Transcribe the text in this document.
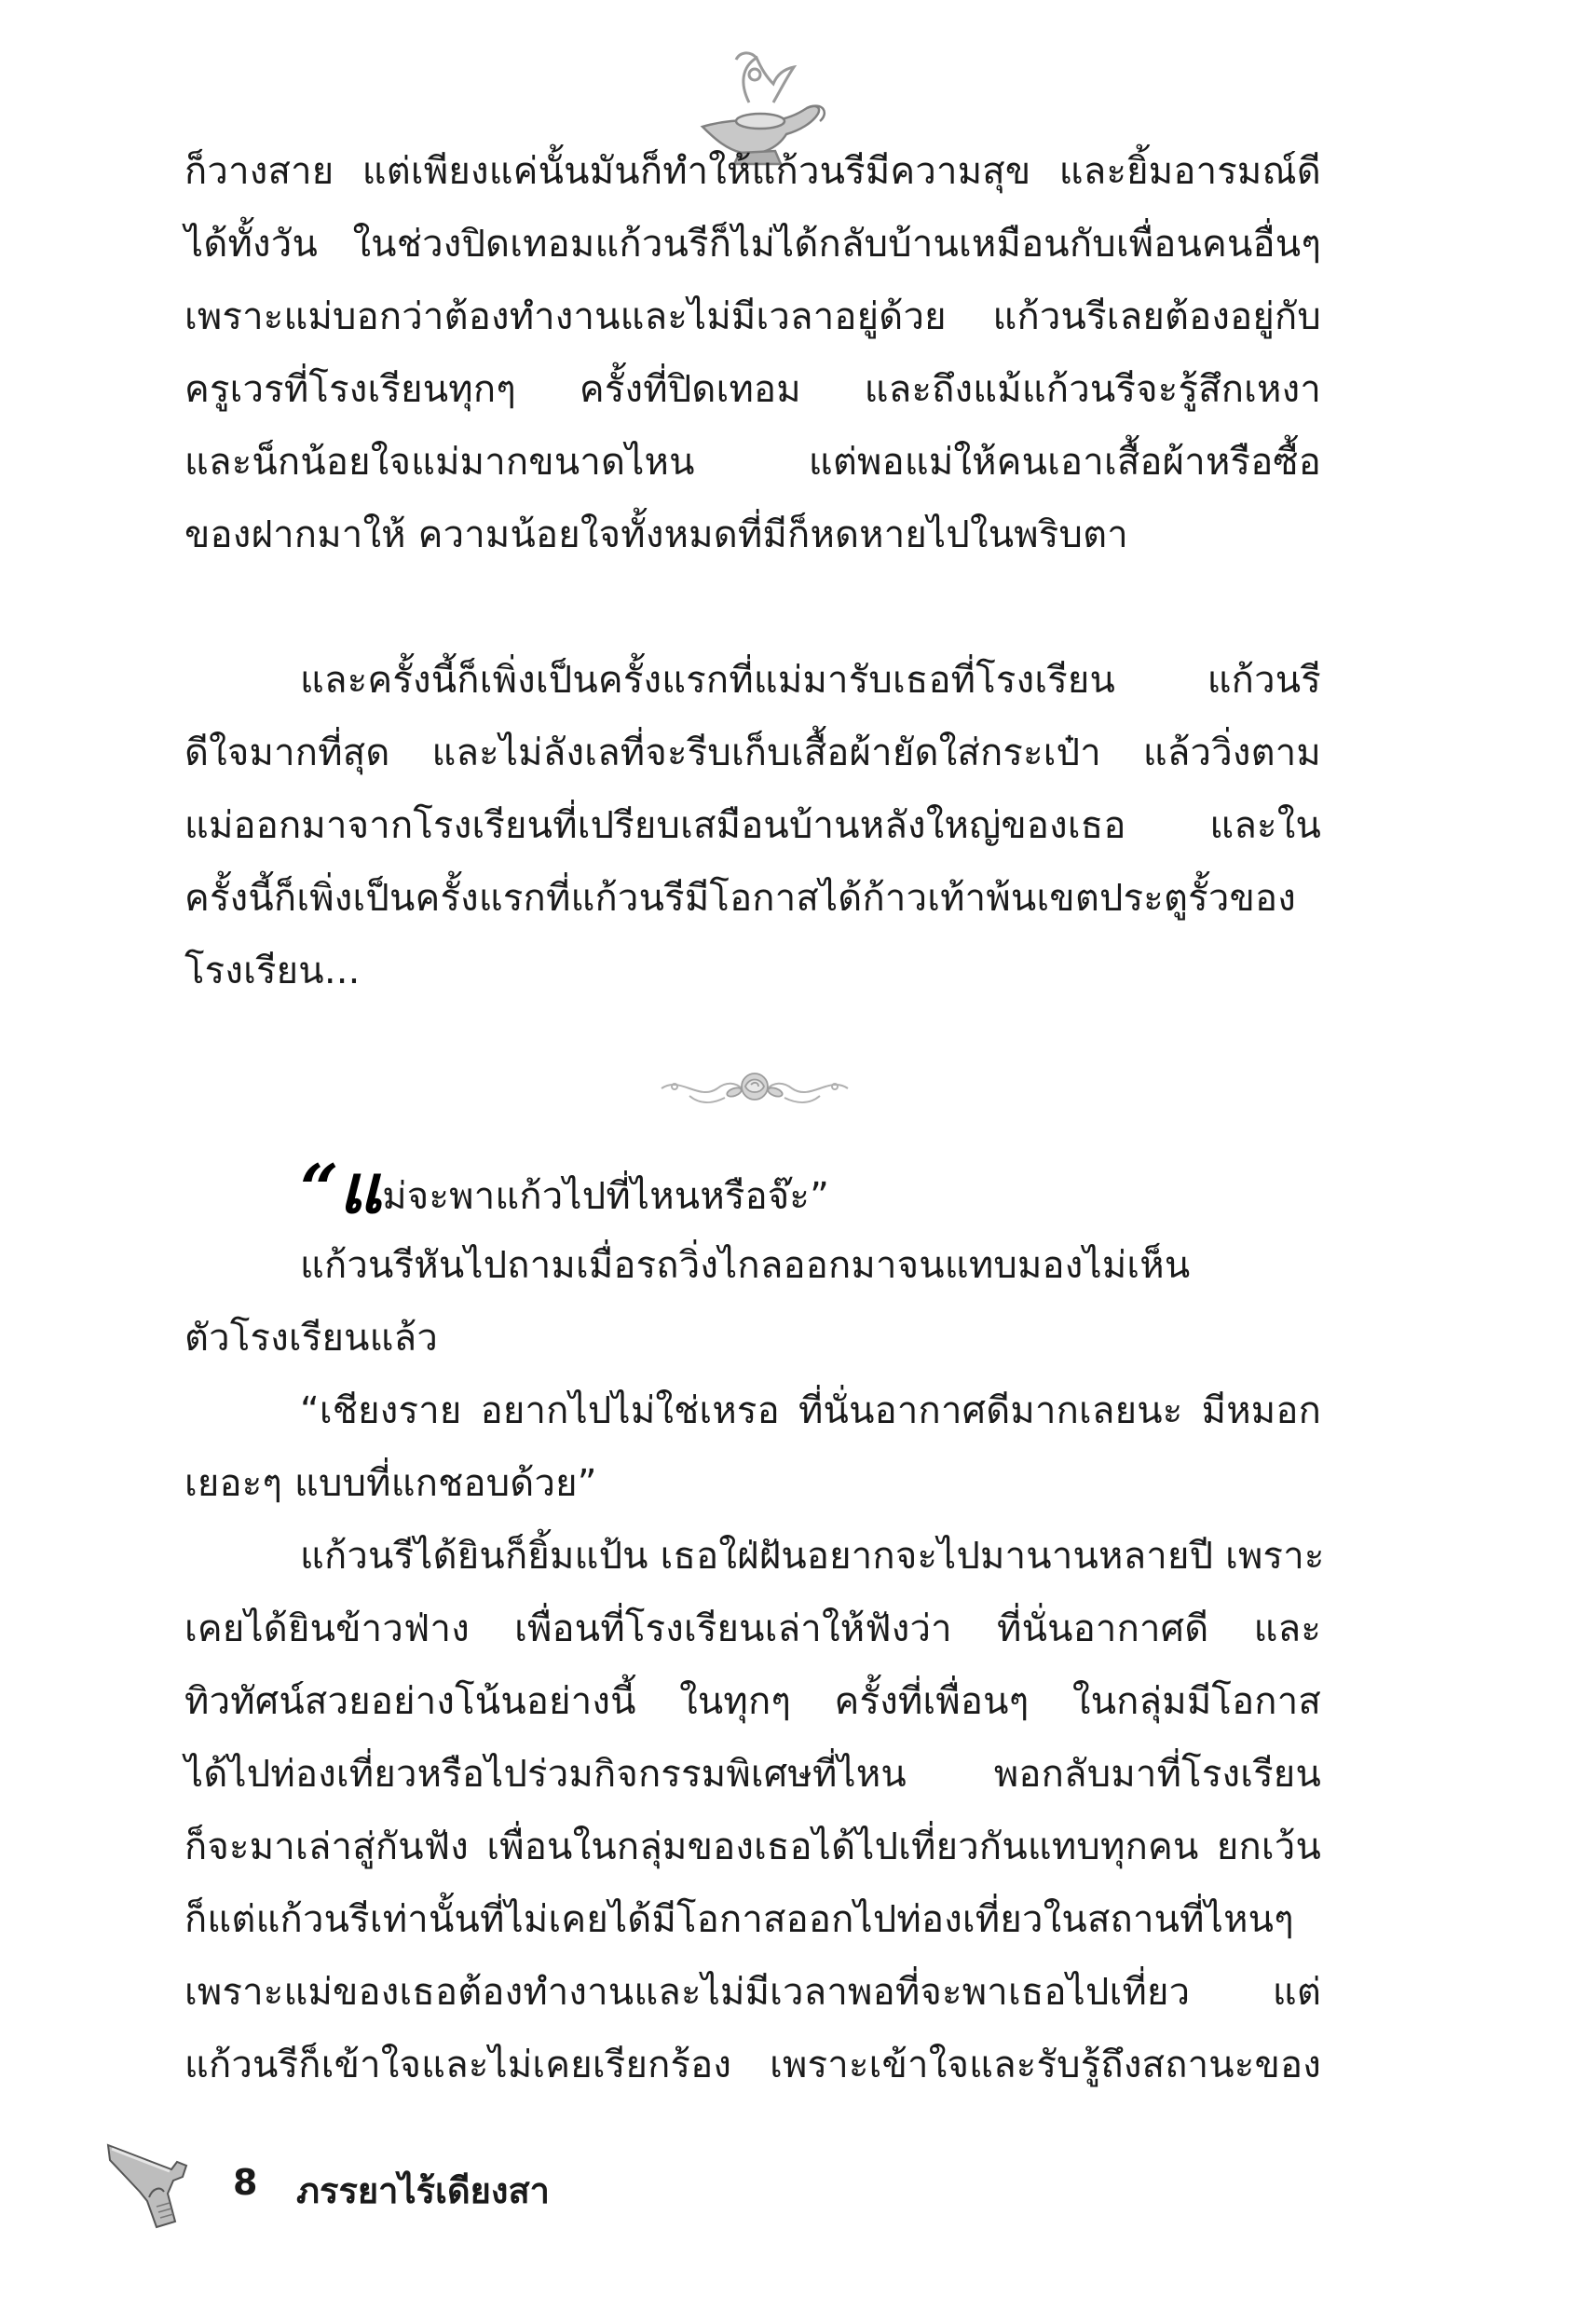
ก็วางสาย แต่เพียงแค่นั้นมันก็ทำให้แก้วนรีมีความสุข และยิ้มอารมณ์ดี
ได้ทั้งวัน ในช่วงปิดเทอมแก้วนรีก็ไม่ได้กลับบ้านเหมือนกับเพื่อนคนอื่นๆ
เพราะแม่บอกว่าต้องทำงานและไม่มีเวลาอยู่ด้วย แก้วนรีเลยต้องอยู่กับ
ครูเวรที่โรงเรียนทุกๆ ครั้งที่ปิดเทอม และถึงแม้แก้วนรีจะรู้สึกเหงา
และน็กน้อยใจแม่มากขนาดไหน แต่พอแม่ให้คนเอาเสื้อผ้าหรือซื้อ
ของฝากมาให้ ความน้อยใจทั้งหมดที่มีก็หดหายไปในพริบตา
และครั้งนี้ก็เพิ่งเป็นครั้งแรกที่แม่มารับเธอที่โรงเรียน แก้วนรี
ดีใจมากที่สุด และไม่ลังเลที่จะรีบเก็บเสื้อผ้ายัดใส่กระเป๋า แล้ววิ่งตาม
แม่ออกมาจากโรงเรียนที่เปรียบเสมือนบ้านหลังใหญ่ของเธอ และใน
ครั้งนี้ก็เพิ่งเป็นครั้งแรกที่แก้วนรีมีโอกาสได้ก้าวเท้าพ้นเขตประตูรั้วของ
โรงเรียน...
“แม่จะพาแก้วไปที่ไหนหรือจ๊ะ”
แก้วนรีหันไปถามเมื่อรถวิ่งไกลออกมาจนแทบมองไม่เห็น
ตัวโรงเรียนแล้ว
“เชียงราย อยากไปไม่ใช่เหรอ ที่นั่นอากาศดีมากเลยนะ มีหมอก
เยอะๆ แบบที่แกชอบด้วย”
แก้วนรีได้ยินก็ยิ้มแป้น เธอใฝ่ฝันอยากจะไปมานานหลายปี เพราะ
เคยได้ยินข้าวฟ่าง เพื่อนที่โรงเรียนเล่าให้ฟังว่า ที่นั่นอากาศดี และ
ทิวทัศน์สวยอย่างโน้นอย่างนี้ ในทุกๆ ครั้งที่เพื่อนๆ ในกลุ่มมีโอกาส
ได้ไปท่องเที่ยวหรือไปร่วมกิจกรรมพิเศษที่ไหน พอกลับมาที่โรงเรียน
ก็จะมาเล่าสู่กันฟัง เพื่อนในกลุ่มของเธอได้ไปเที่ยวกันแทบทุกคน ยกเว้น
ก็แต่แก้วนรีเท่านั้นที่ไม่เคยได้มีโอกาสออกไปท่องเที่ยวในสถานที่ไหนๆ
เพราะแม่ของเธอต้องทำงานและไม่มีเวลาพอที่จะพาเธอไปเที่ยว แต่
แก้วนรีก็เข้าใจและไม่เคยเรียกร้อง เพราะเข้าใจและรับรู้ถึงสถานะของ
8 ภรรยาไร้เดียงสา
